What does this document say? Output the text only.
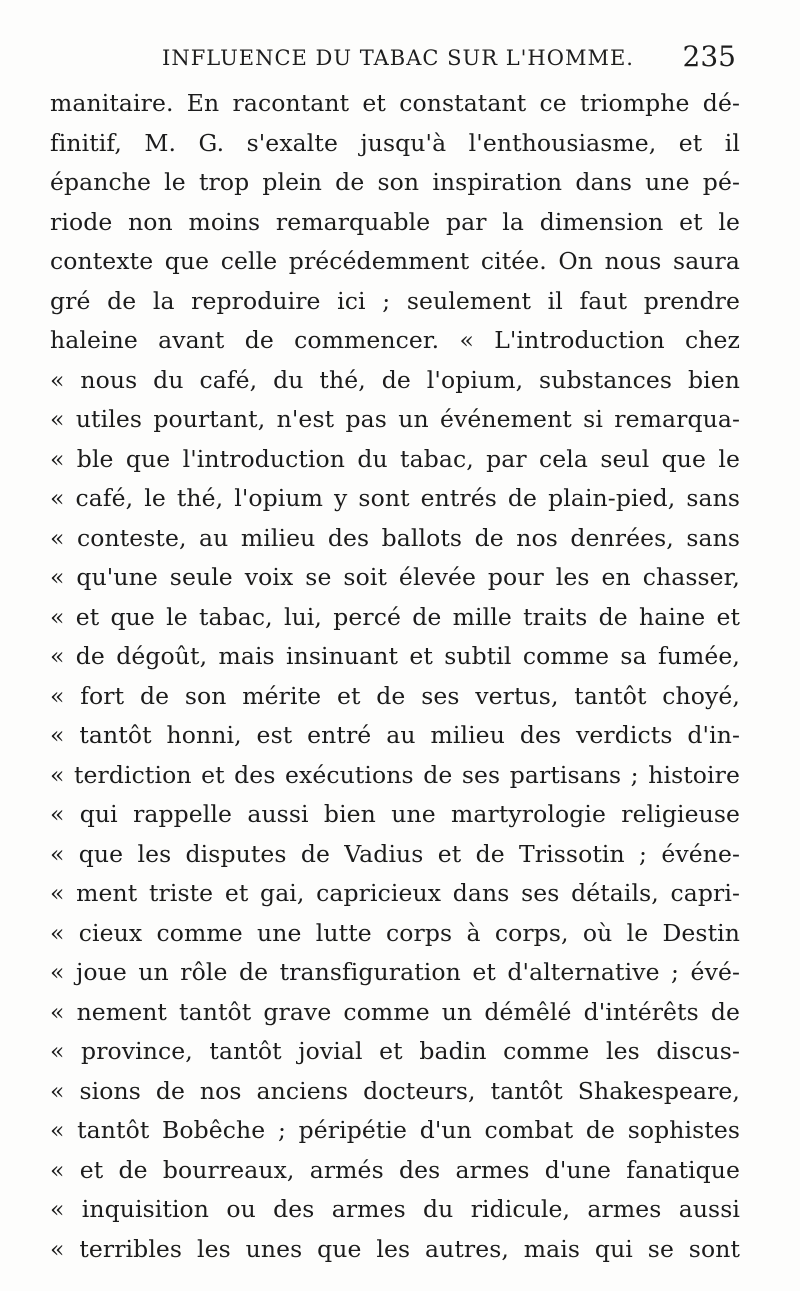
INFLUENCE DU TABAC SUR L'HOMME.	235
manitaire. En racontant et constatant ce triomphe dé-
finitif, M. G. s'exalte jusqu'à l'enthousiasme, et il
épanche le trop plein de son inspiration dans une pé-
riode non moins remarquable par la dimension et le
contexte que celle précédemment citée. On nous saura
gré de la reproduire ici ; seulement il faut prendre
haleine avant de commencer. « L'introduction chez
« nous du café, du thé, de l'opium, substances bien
« utiles pourtant, n'est pas un événement si remarqua-
« ble que l'introduction du tabac, par cela seul que le
« café, le thé, l'opium y sont entrés de plain-pied, sans
« conteste, au milieu des ballots de nos denrées, sans
« qu'une seule voix se soit élevée pour les en chasser,
« et que le tabac, lui, percé de mille traits de haine et
« de dégoût, mais insinuant et subtil comme sa fumée,
« fort de son mérite et de ses vertus, tantôt choyé,
« tantôt honni, est entré au milieu des verdicts d'in-
« terdiction et des exécutions de ses partisans ; histoire
« qui rappelle aussi bien une martyrologie religieuse
« que les disputes de Vadius et de Trissotin ; événe-
« ment triste et gai, capricieux dans ses détails, capri-
« cieux comme une lutte corps à corps, où le Destin
« joue un rôle de transfiguration et d'alternative ; évé-
« nement tantôt grave comme un démêlé d'intérêts de
« province, tantôt jovial et badin comme les discus-
« sions de nos anciens docteurs, tantôt Shakespeare,
« tantôt Bobêche ; péripétie d'un combat de sophistes
« et de bourreaux, armés des armes d'une fanatique
« inquisition ou des armes du ridicule, armes aussi
« terribles les unes que les autres, mais qui se sont
